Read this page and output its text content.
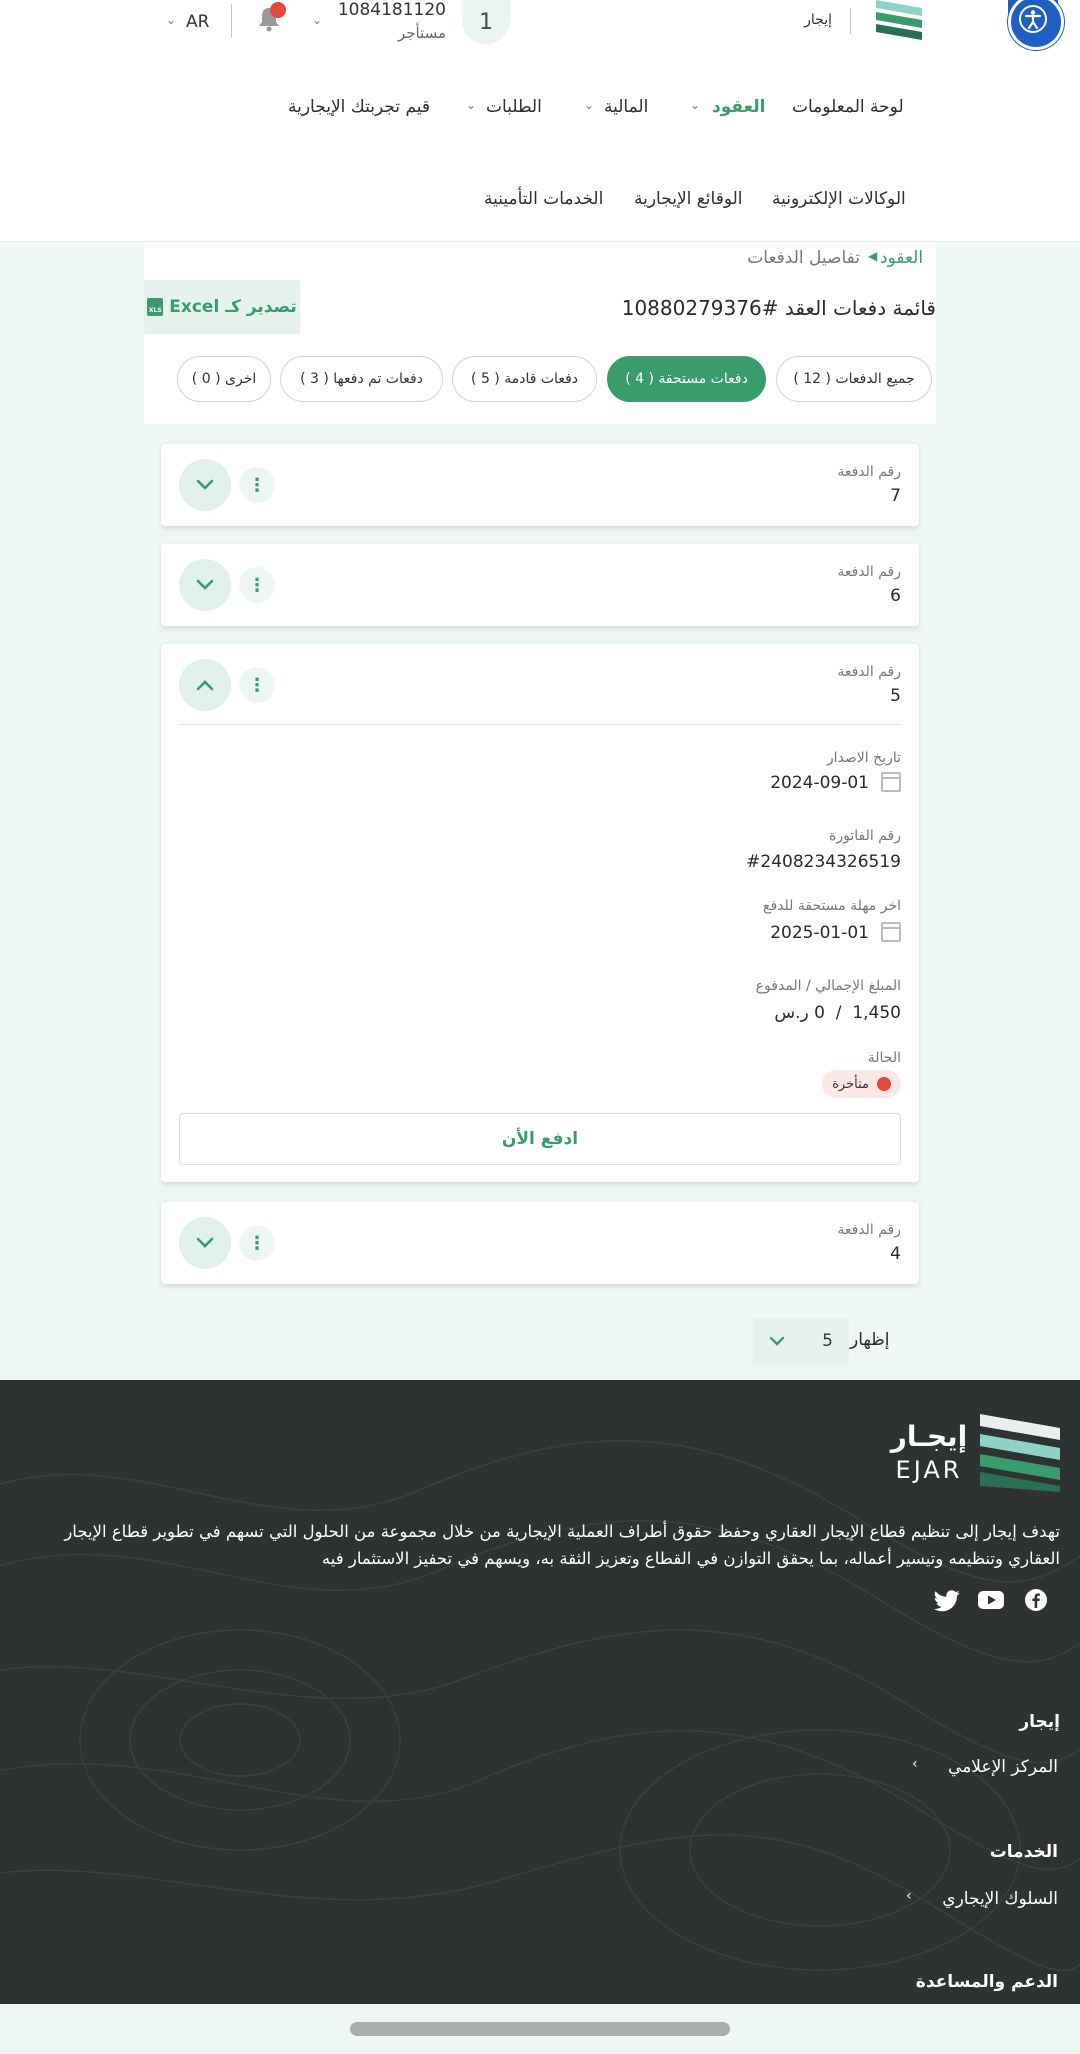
إيجار
1
1084181120
مستأجر
⌄
AR
⌄
لوحة المعلومات
العقود
⌄
المالية
⌄
الطلبات
⌄
قيم تجربتك الإيجارية
الوكالات الإلكترونية
الوقائع الإيجارية
الخدمات التأمينية
العقود
◀
تفاصيل الدفعات
قائمة دفعات العقد #10880279376
تصدير كـ Excel
XLS
جميع الدفعات ( 12 )
دفعات مستحقة ( 4 )
دفعات قادمة ( 5 )
دفعات تم دفعها ( 3 )
اخرى ( 0 )
رقم الدفعة
7
⋮
رقم الدفعة
6
⋮
رقم الدفعة
5
⋮
تاريخ الاصدار
2024-09-01
رقم الفاتورة
#2408234326519
اخر مهلة مستحقة للدفع
2025-01-01
المبلغ الإجمالي / المدفوع
1,450  /  0 ر.س
الحالة
متأخرة
ادفع الأن
رقم الدفعة
4
⋮
إظهار
5
إيجـار
EJAR
تهدف إيجار إلى تنظيم قطاع الإيجار العقاري وحفظ حقوق أطراف العملية الإيجارية من خلال مجموعة من الحلول التي تسهم في تطوير قطاع الإيجار العقاري وتنظيمه وتيسير أعماله، بما يحقق التوازن في القطاع وتعزيز الثقة به، ويسهم في تحفيز الاستثمار فيه
إيجار
المركز الإعلامي
›
الخدمات
السلوك الإيجاري
›
الدعم والمساعدة
